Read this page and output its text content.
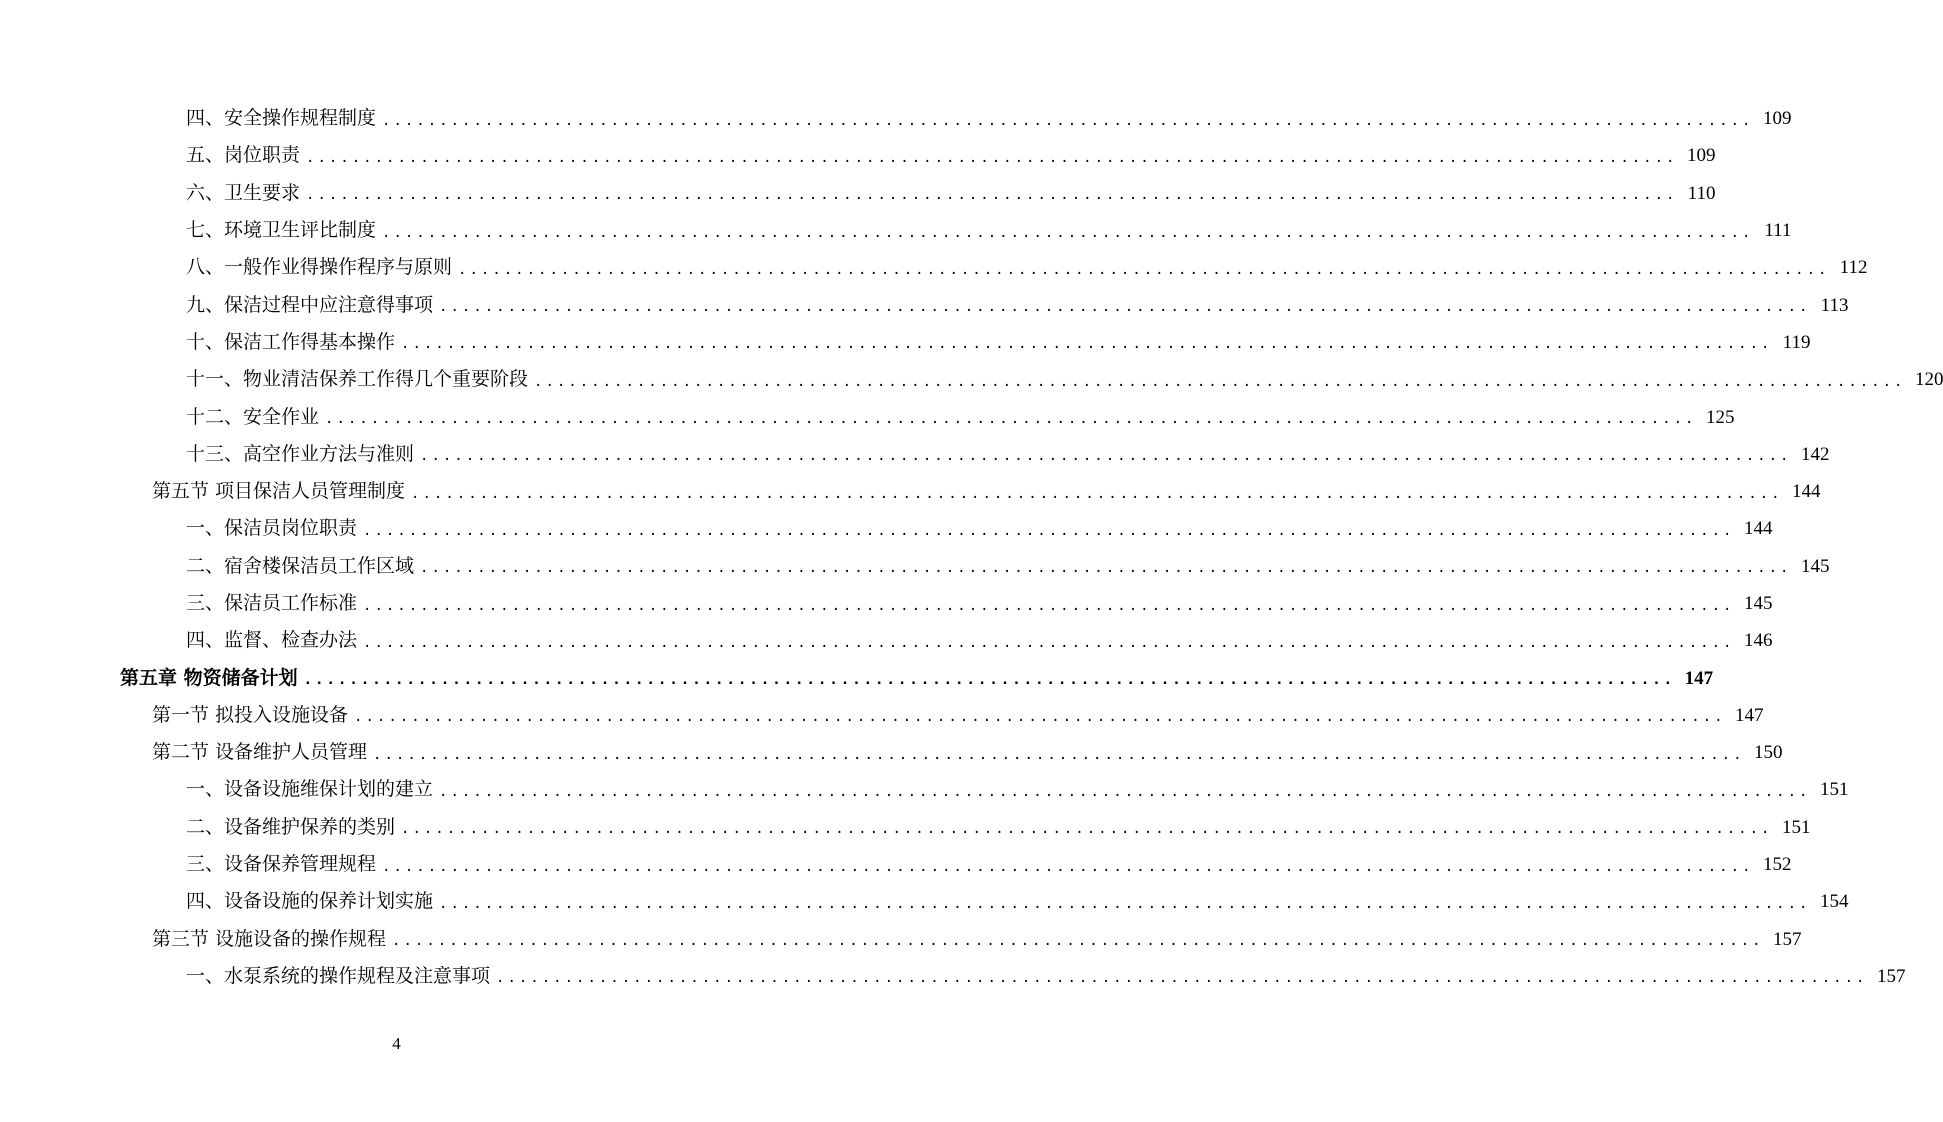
四、安全操作规程制度 ........................................................................................................................ 109
五、岗位职责 ........................................................................................................................ 109
六、卫生要求 ........................................................................................................................ 110
七、环境卫生评比制度 ........................................................................................................................ 111
八、一般作业得操作程序与原则 ........................................................................................................................ 112
九、保洁过程中应注意得事项 ........................................................................................................................ 113
十、保洁工作得基本操作 ........................................................................................................................ 119
十一、物业清洁保养工作得几个重要阶段 ........................................................................................................................ 120
十二、安全作业 ........................................................................................................................ 125
十三、高空作业方法与准则 ........................................................................................................................ 142
第五节 项目保洁人员管理制度 ........................................................................................................................ 144
一、保洁员岗位职责 ........................................................................................................................ 144
二、宿舍楼保洁员工作区域 ........................................................................................................................ 145
三、保洁员工作标准 ........................................................................................................................ 145
四、监督、检查办法 ........................................................................................................................ 146
第五章 物资储备计划 ........................................................................................................................ 147
第一节 拟投入设施设备 ........................................................................................................................ 147
第二节 设备维护人员管理 ........................................................................................................................ 150
一、设备设施维保计划的建立 ........................................................................................................................ 151
二、设备维护保养的类别 ........................................................................................................................ 151
三、设备保养管理规程 ........................................................................................................................ 152
四、设备设施的保养计划实施 ........................................................................................................................ 154
第三节 设施设备的操作规程 ........................................................................................................................ 157
一、水泵系统的操作规程及注意事项 ........................................................................................................................ 157
4
